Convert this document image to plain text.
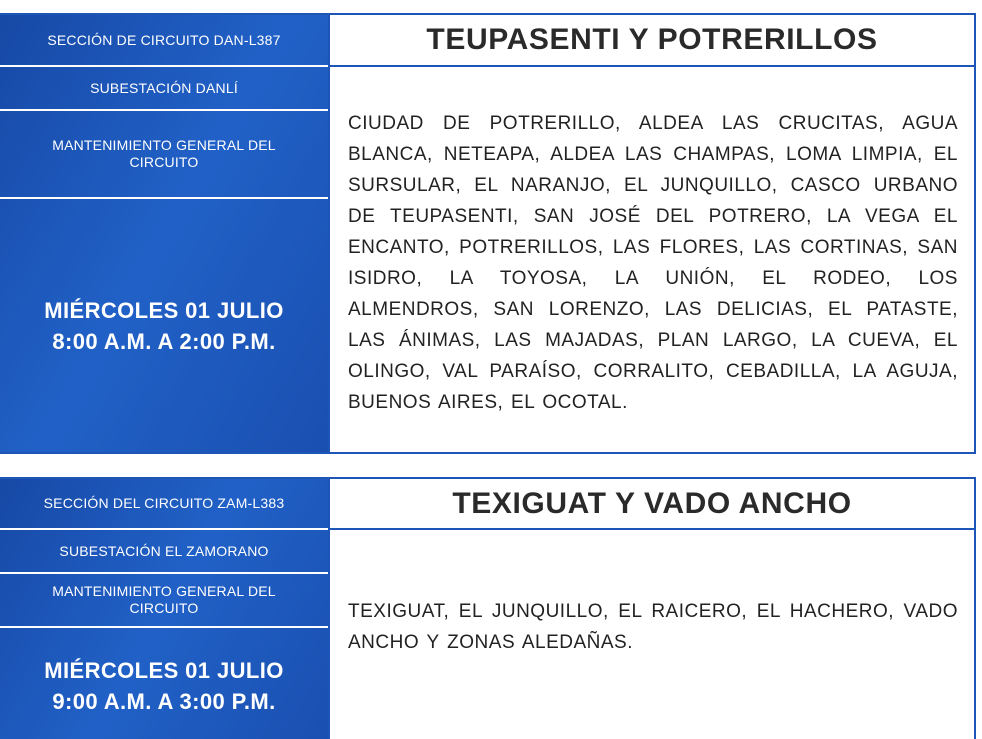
SECCIÓN DE CIRCUITO DAN-L387
SUBESTACIÓN DANLÍ
MANTENIMIENTO GENERAL DEL CIRCUITO
MIÉRCOLES 01 JULIO
8:00 A.M. A 2:00 P.M.
TEUPASENTI Y POTRERILLOS

CIUDAD DE POTRERILLO, ALDEA LAS CRUCITAS, AGUA BLANCA, NETEAPA, ALDEA LAS CHAMPAS, LOMA LIMPIA, EL SURSULAR, EL NARANJO, EL JUNQUILLO, CASCO URBANO DE TEUPASENTI, SAN JOSÉ DEL POTRERO, LA VEGA EL ENCANTO, POTRERILLOS, LAS FLORES, LAS CORTINAS, SAN ISIDRO, LA TOYOSA, LA UNIÓN, EL RODEO, LOS ALMENDROS, SAN LORENZO, LAS DELICIAS, EL PATASTE, LAS ÁNIMAS, LAS MAJADAS, PLAN LARGO, LA CUEVA, EL OLINGO, VAL PARAÍSO, CORRALITO, CEBADILLA, LA AGUJA, BUENOS AIRES, EL OCOTAL.

SECCIÓN DEL CIRCUITO ZAM-L383
SUBESTACIÓN EL ZAMORANO
MANTENIMIENTO GENERAL DEL CIRCUITO
MIÉRCOLES 01 JULIO
9:00 A.M. A 3:00 P.M.
TEXIGUAT Y VADO ANCHO

TEXIGUAT, EL JUNQUILLO, EL RAICERO, EL HACHERO, VADO ANCHO Y ZONAS ALEDAÑAS.
